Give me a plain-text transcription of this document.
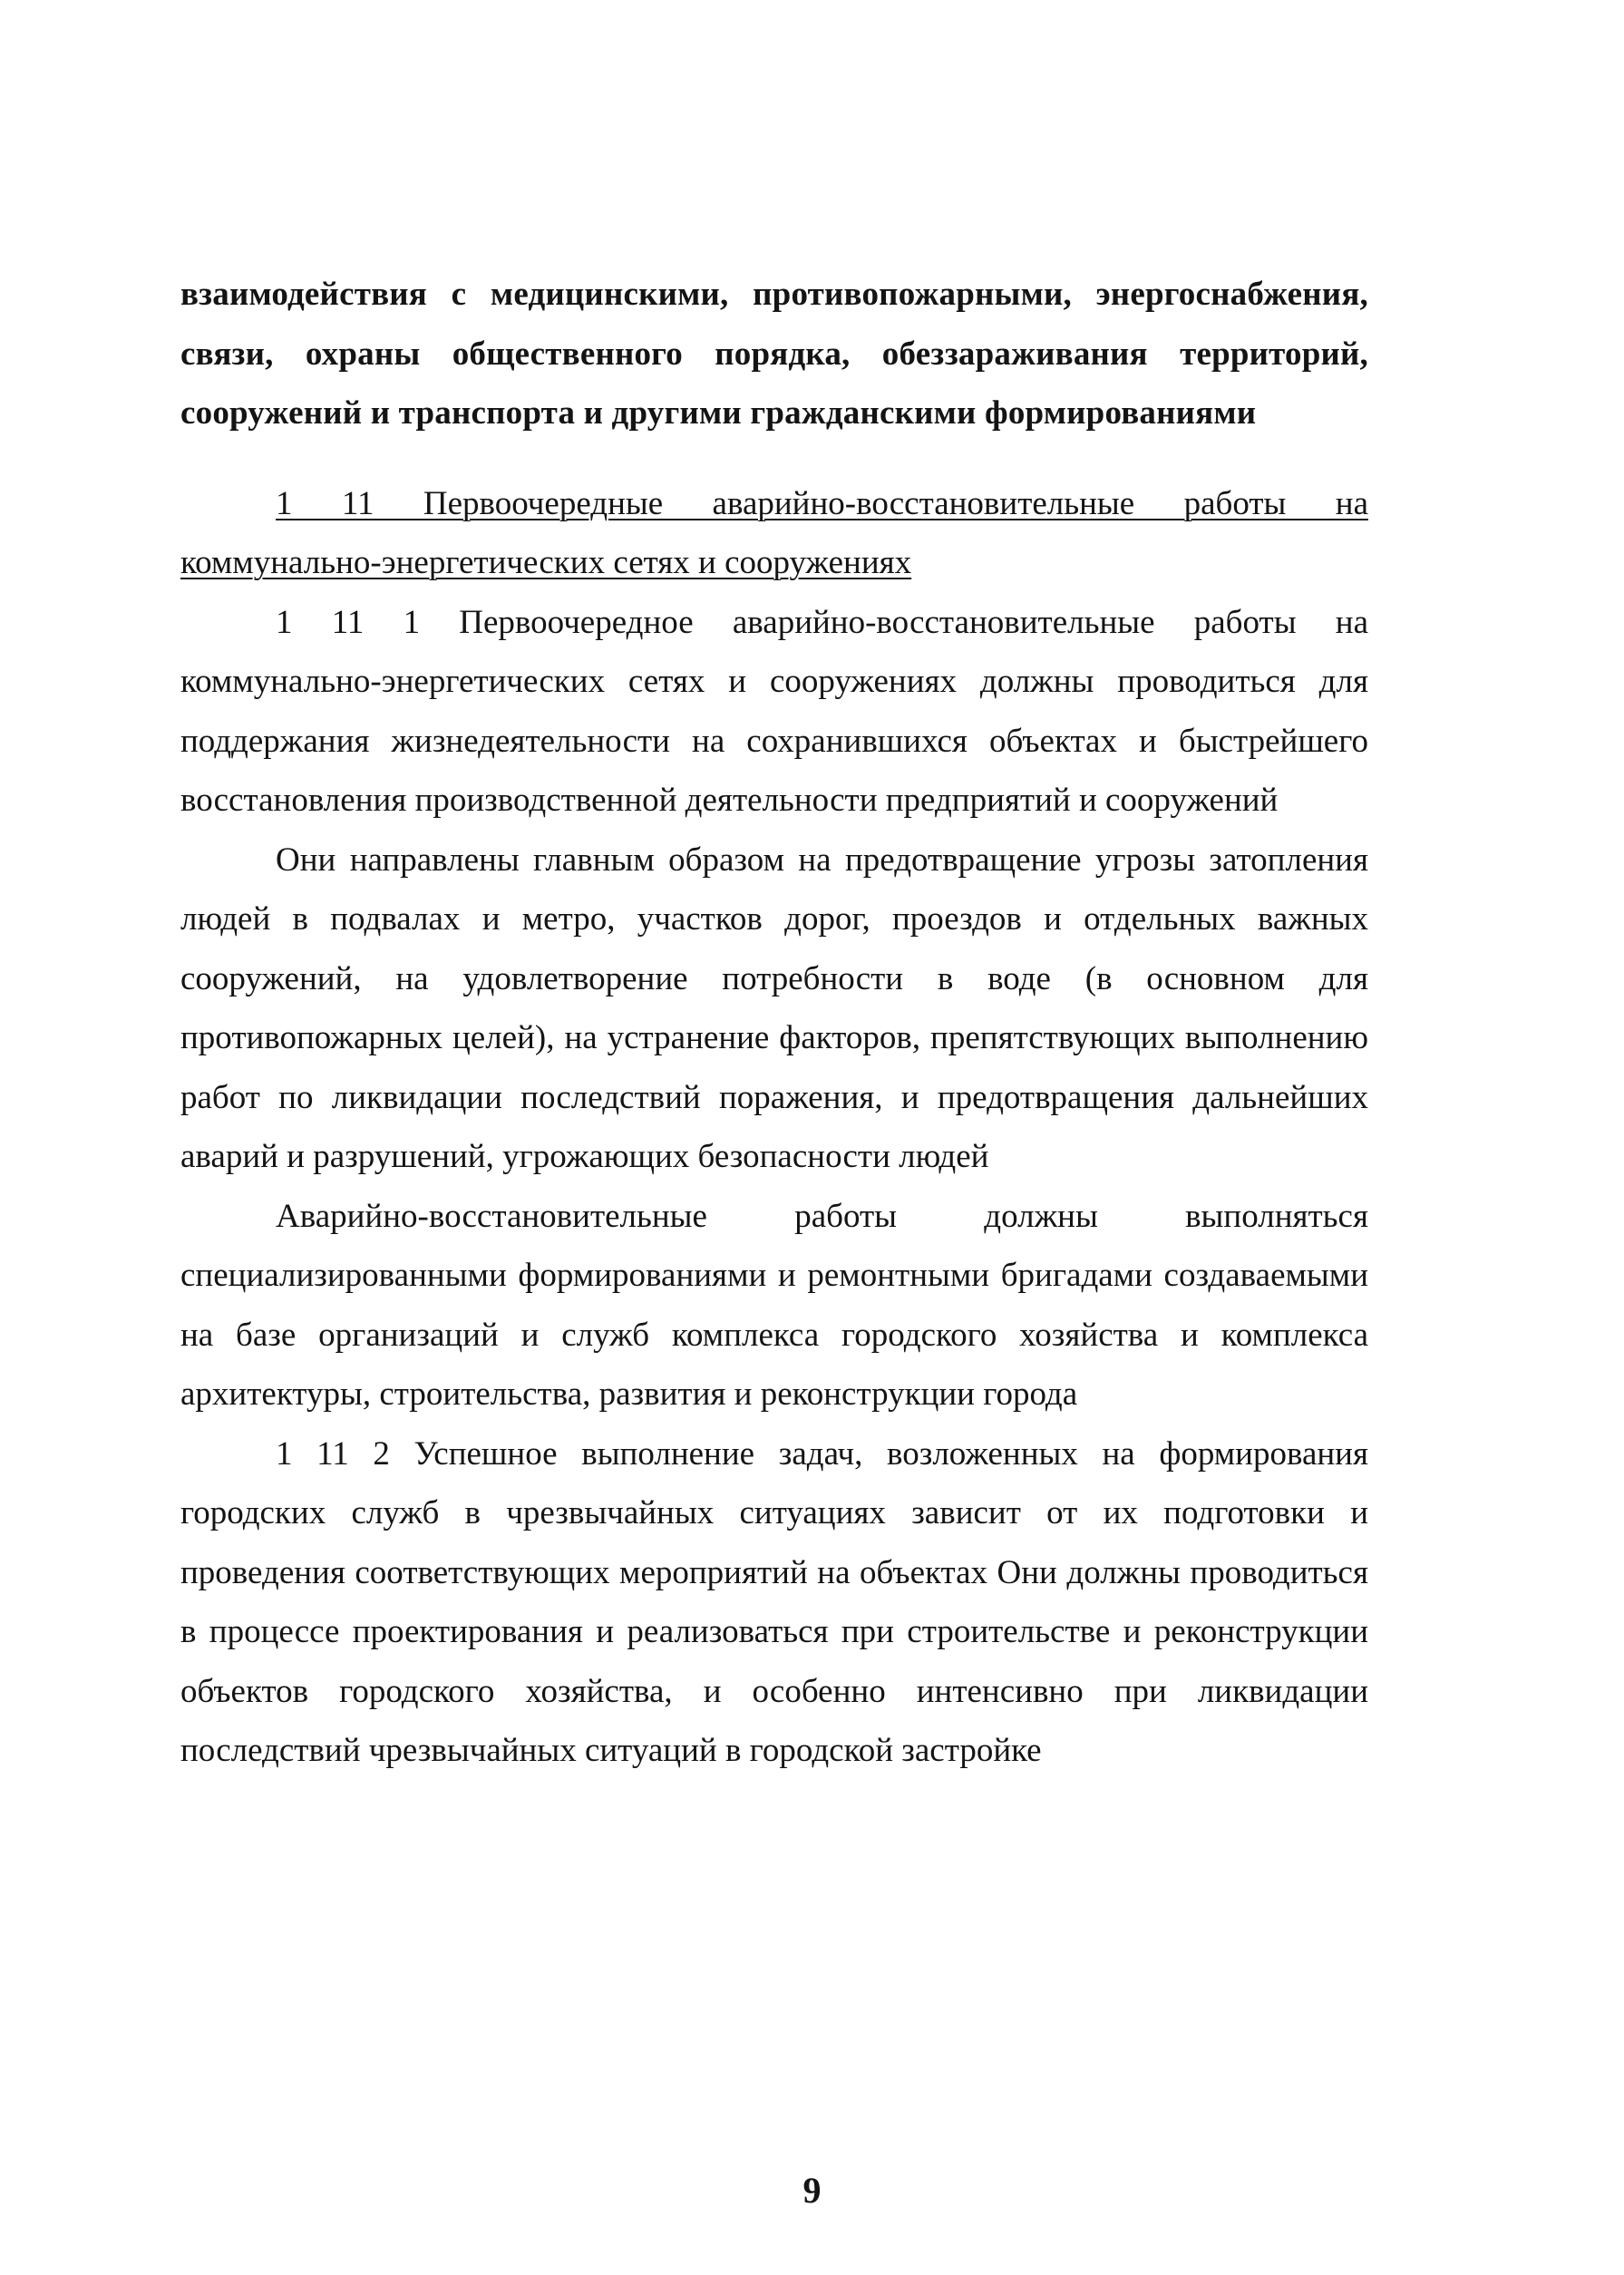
взаимодействия с медицинскими, противопожарными, энергоснабжения, связи, охраны общественного порядка, обеззараживания территорий, сооружений и транспорта и другими гражданскими формированиями

1 11 Первоочередные аварийно-восстановительные работы на коммунально-энергетических сетях и сооружениях

1 11 1 Первоочередное аварийно-восстановительные работы на коммунально-энергетических сетях и сооружениях должны проводиться для поддержания жизнедеятельности на сохранившихся объектах и быстрейшего восстановления производственной деятельности предприятий и сооружений

Они направлены главным образом на предотвращение угрозы затопления людей в подвалах и метро, участков дорог, проездов и отдельных важных сооружений, на удовлетворение потребности в воде (в основном для противопожарных целей), на устранение факторов, препятствующих выполнению работ по ликвидации последствий поражения, и предотвращения дальнейших аварий и разрушений, угрожающих безопасности людей

Аварийно-восстановительные работы должны выполняться специализированными формированиями и ремонтными бригадами создаваемыми на базе организаций и служб комплекса городского хозяйства и комплекса архитектуры, строительства, развития и реконструкции города

1 11 2 Успешное выполнение задач, возложенных на формирования городских служб в чрезвычайных ситуациях зависит от их подготовки и проведения соответствующих мероприятий на объектах Они должны проводиться в процессе проектирования и реализоваться при строительстве и реконструкции объектов городского хозяйства, и особенно интенсивно при ликвидации последствий чрезвычайных ситуаций в городской застройке

9
